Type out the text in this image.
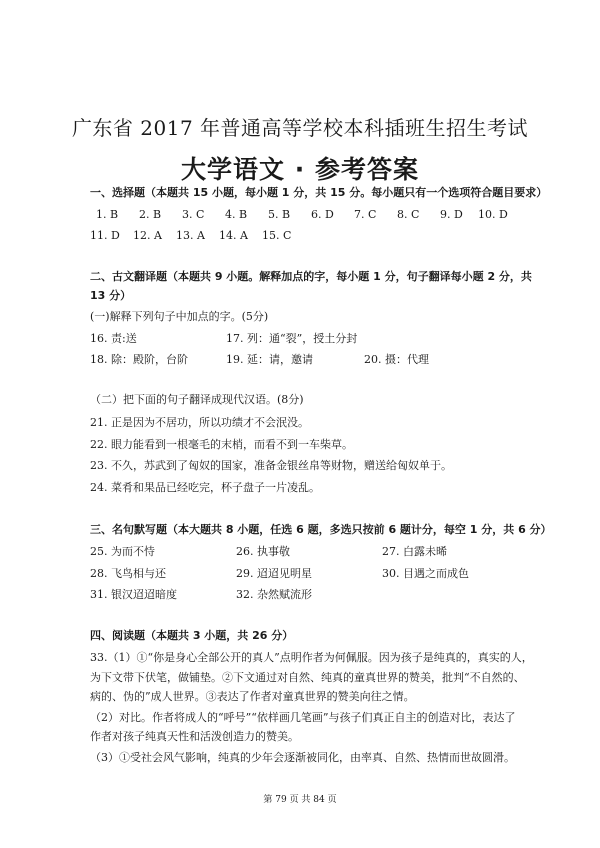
广东省 2017 年普通高等学校本科插班生招生考试
大学语文 · 参考答案
一、选择题（本题共 15 小题，每小题 1 分，共 15 分。每小题只有一个选项符合题目要求）
1. B 2. B 3. C 4. B 5. B 6. D 7. C 8. C 9. D 10. D
11. D 12. A 13. A 14. A 15. C
二、古文翻译题（本题共 9 小题。解释加点的字，每小题 1 分，句子翻译每小题 2 分，共
13 分）
(一)解释下列句子中加点的字。(5分)
16. 责:送	17. 列：通“裂”，授土分封
18. 除：殿阶，台阶	19. 延：请，邀请	20. 摄：代理
（二）把下面的句子翻译成现代汉语。(8分)
21. 正是因为不居功，所以功绩才不会泯没。
22. 眼力能看到一根毫毛的末梢，而看不到一车柴草。
23. 不久，苏武到了匈奴的国家，准备金银丝帛等财物，赠送给匈奴单于。
24. 菜肴和果品已经吃完，杯子盘子一片凌乱。
三、名句默写题（本大题共 8 小题，任选 6 题，多选只按前 6 题计分，每空 1 分，共 6 分）
25. 为而不恃	26. 执事敬	27. 白露未晞
28. 飞鸟相与还	29. 迢迢见明星	30. 目遇之而成色
31. 银汉迢迢暗度	32. 杂然赋流形
四、阅读题（本题共 3 小题，共 26 分）
33.（1）①“你是身心全部公开的真人”点明作者为何佩服。因为孩子是纯真的，真实的人，
为下文带下伏笔，做铺垫。②下文通过对自然、纯真的童真世界的赞美，批判“不自然的、
病的、伪的”成人世界。③表达了作者对童真世界的赞美向往之情。
（2）对比。作者将成人的“呼号”“依样画几笔画”与孩子们真正自主的创造对比，表达了
作者对孩子纯真天性和活泼创造力的赞美。
（3）①受社会风气影响，纯真的少年会逐渐被同化，由率真、自然、热情而世故圆滑。
第 79 页 共 84 页
